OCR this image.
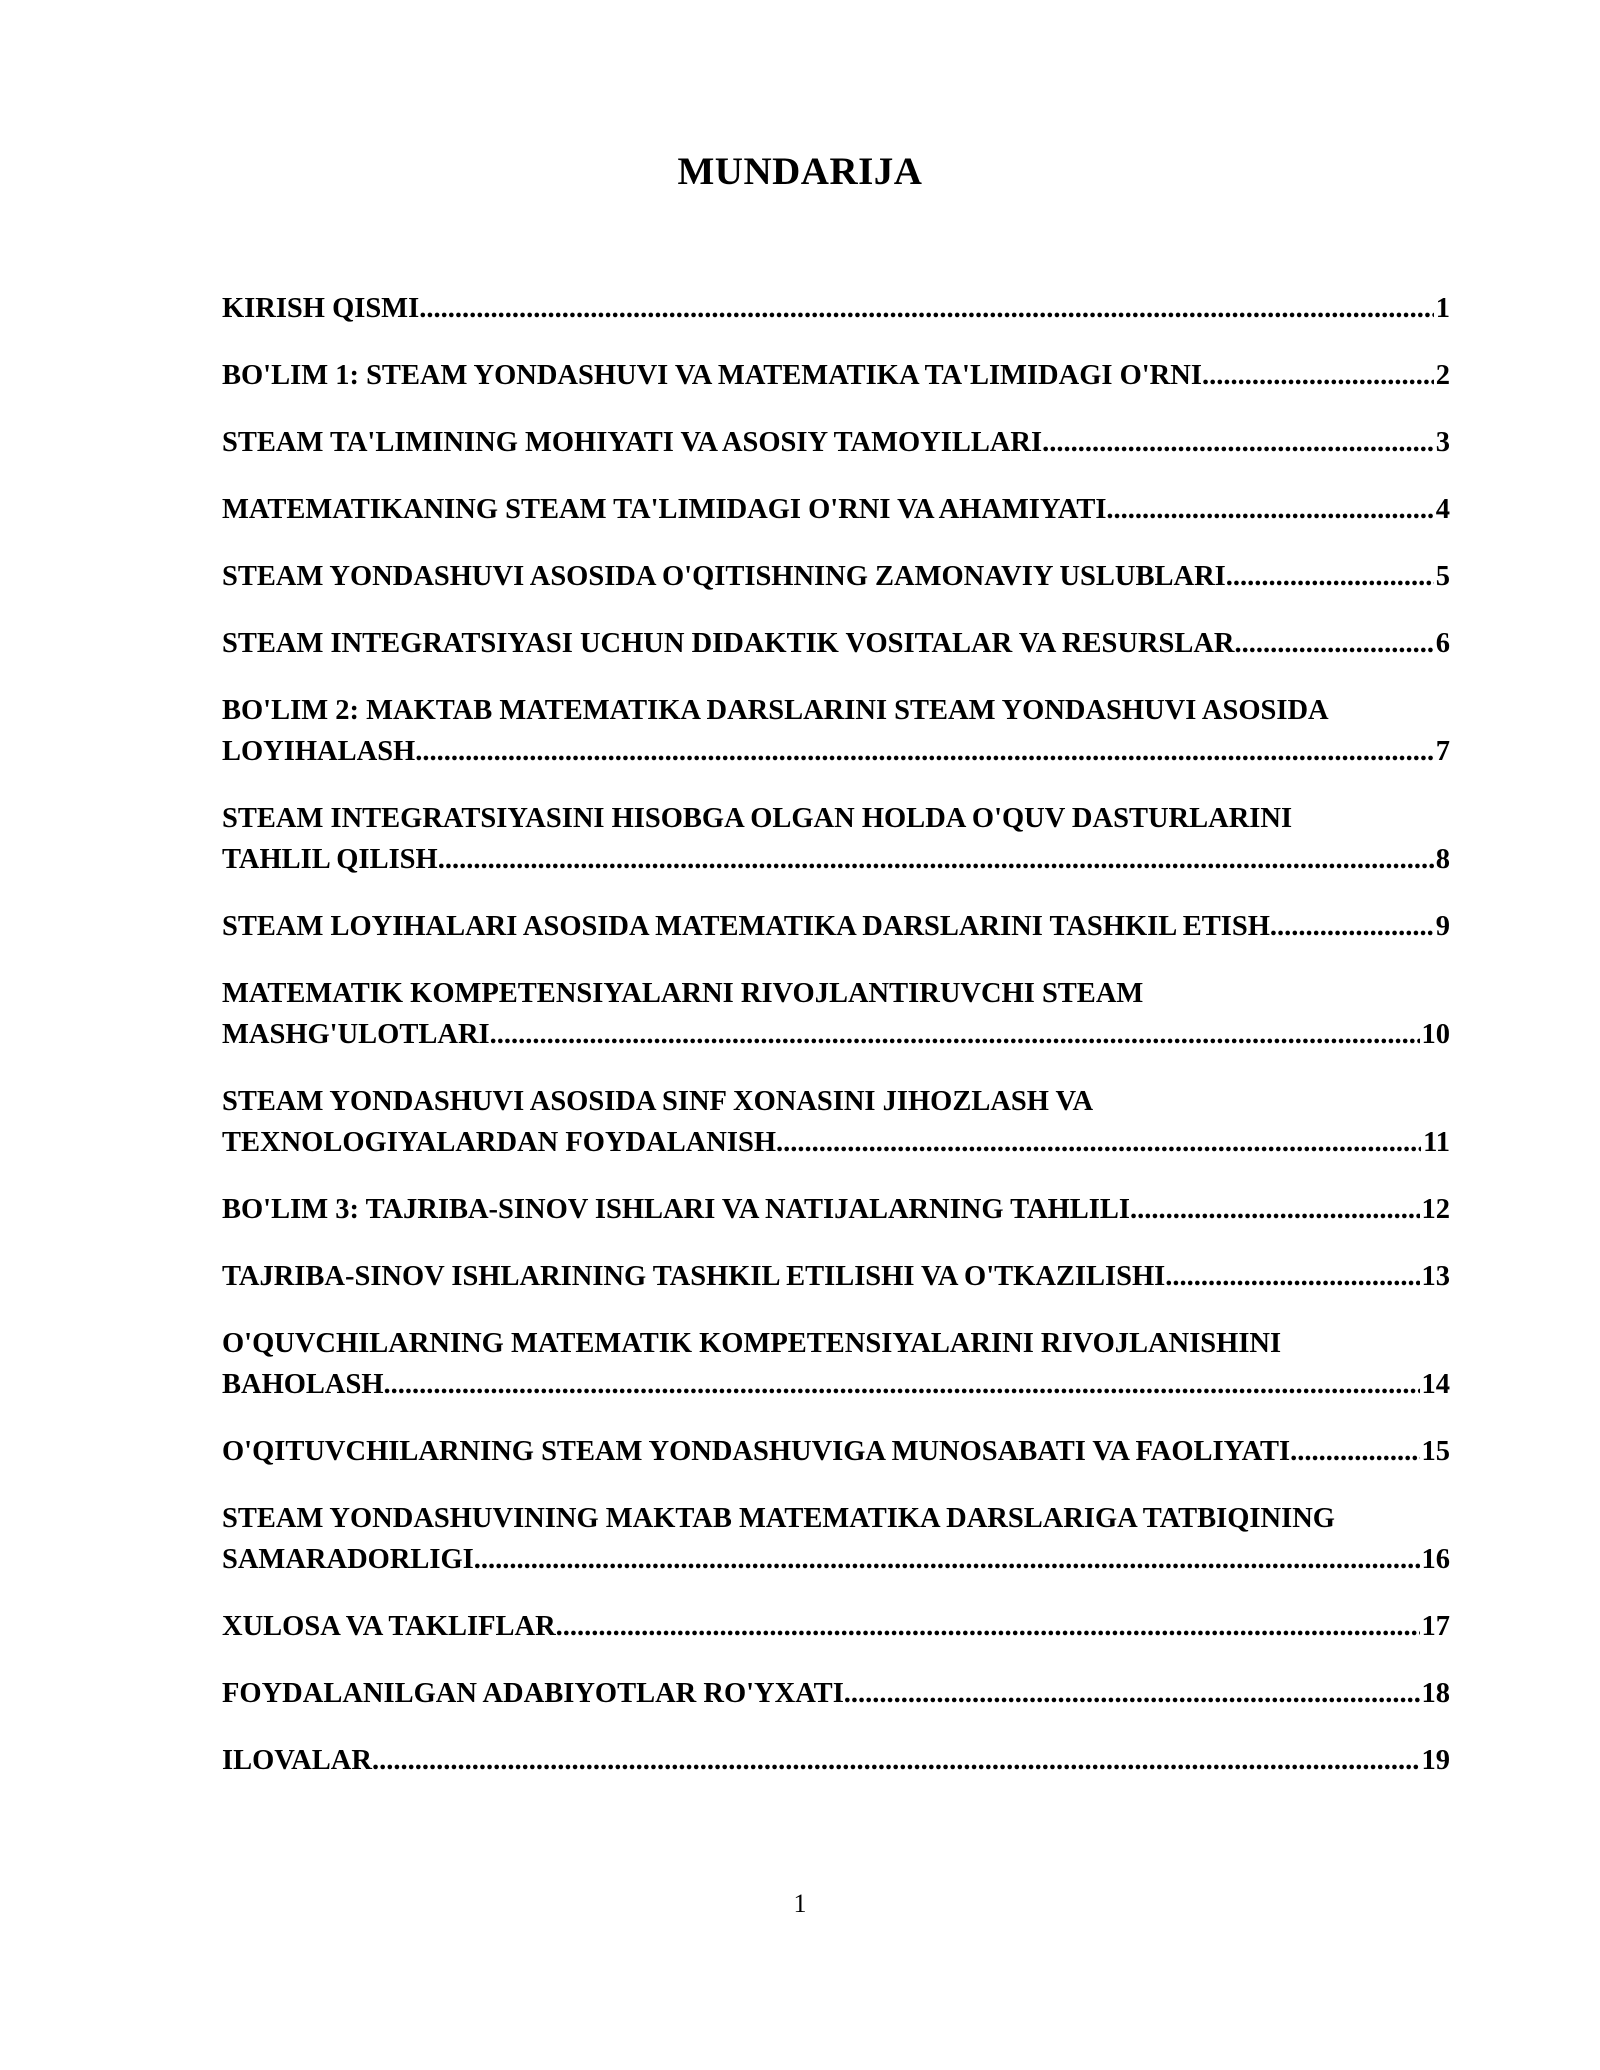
MUNDARIJA
KIRISH QISMI .....	1
BO'LIM 1: STEAM YONDASHUVI VA MATEMATIKA TA'LIMIDAGI O'RNI .....	2
STEAM TA'LIMINING MOHIYATI VA ASOSIY TAMOYILLARI .....	3
MATEMATIKANING STEAM TA'LIMIDAGI O'RNI VA AHAMIYATI .....	4
STEAM YONDASHUVI ASOSIDA O'QITISHNING ZAMONAVIY USLUBLARI .....	5
STEAM INTEGRATSIYASI UCHUN DIDAKTIK VOSITALAR VA RESURSLAR .....	6
BO'LIM 2: MAKTAB MATEMATIKA DARSLARINI STEAM YONDASHUVI ASOSIDA
LOYIHALASH .....	7
STEAM INTEGRATSIYASINI HISOBGA OLGAN HOLDA O'QUV DASTURLARINI
TAHLIL QILISH .....	8
STEAM LOYIHALARI ASOSIDA MATEMATIKA DARSLARINI TASHKIL ETISH .....	9
MATEMATIK KOMPETENSIYALARNI RIVOJLANTIRUVCHI STEAM
MASHG'ULOTLARI .....	10
STEAM YONDASHUVI ASOSIDA SINF XONASINI JIHOZLASH VA
TEXNOLOGIYALARDAN FOYDALANISH .....	11
BO'LIM 3: TAJRIBA-SINOV ISHLARI VA NATIJALARNING TAHLILI .....	12
TAJRIBA-SINOV ISHLARINING TASHKIL ETILISHI VA O'TKAZILISHI .....	13
O'QUVCHILARNING MATEMATIK KOMPETENSIYALARINI RIVOJLANISHINI
BAHOLASH .....	14
O'QITUVCHILARNING STEAM YONDASHUVIGA MUNOSABATI VA FAOLIYATI .....	15
STEAM YONDASHUVINING MAKTAB MATEMATIKA DARSLARIGA TATBIQINING
SAMARADORLIGI .....	16
XULOSA VA TAKLIFLAR .....	17
FOYDALANILGAN ADABIYOTLAR RO'YXATI .....	18
ILOVALAR .....	19
1
